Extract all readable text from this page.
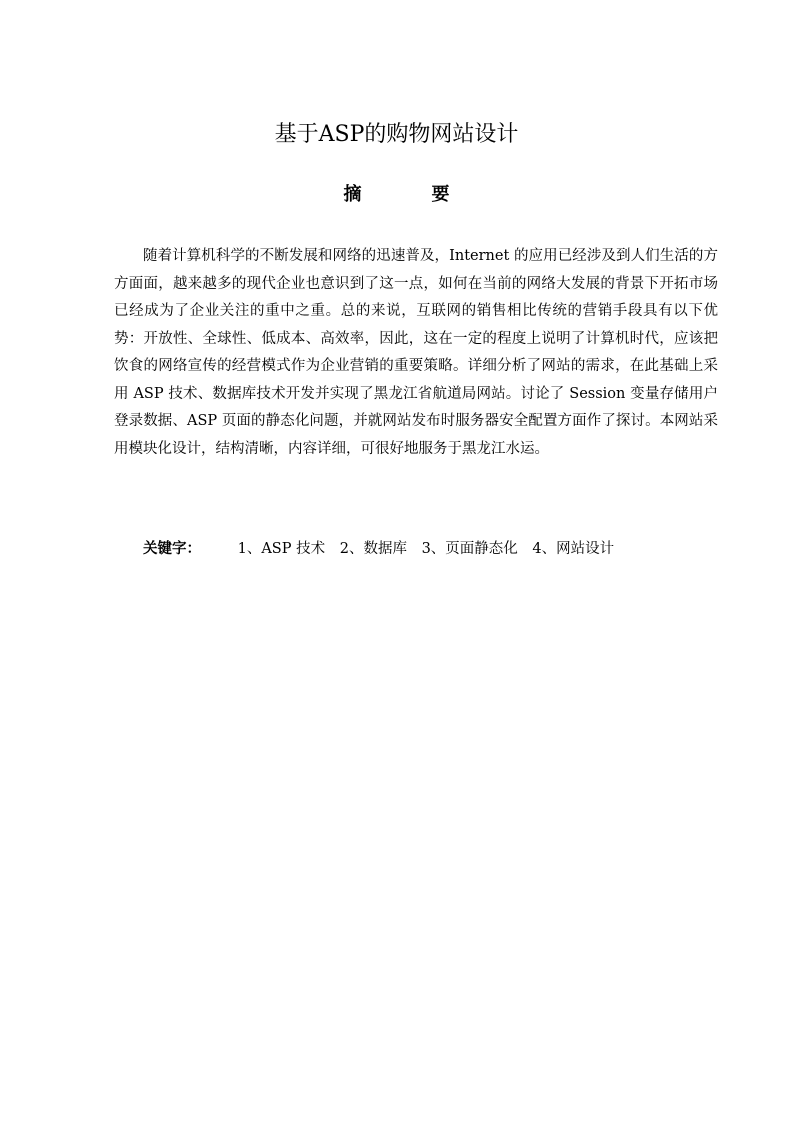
基于ASP的购物网站设计
摘	要

随着计算机科学的不断发展和网络的迅速普及，Internet 的应用已经涉及到人们生活的方方面面，越来越多的现代企业也意识到了这一点，如何在当前的网络大发展的背景下开拓市场已经成为了企业关注的重中之重。总的来说，互联网的销售相比传统的营销手段具有以下优势：开放性、全球性、低成本、高效率，因此，这在一定的程度上说明了计算机时代，应该把饮食的网络宣传的经营模式作为企业营销的重要策略。详细分析了网站的需求，在此基础上采用 ASP 技术、数据库技术开发并实现了黑龙江省航道局网站。讨论了 Session 变量存储用户登录数据、ASP 页面的静态化问题，并就网站发布时服务器安全配置方面作了探讨。本网站采用模块化设计，结构清晰，内容详细，可很好地服务于黑龙江水运。

关键字：	1、ASP 技术 2、数据库 3、页面静态化 4、网站设计
